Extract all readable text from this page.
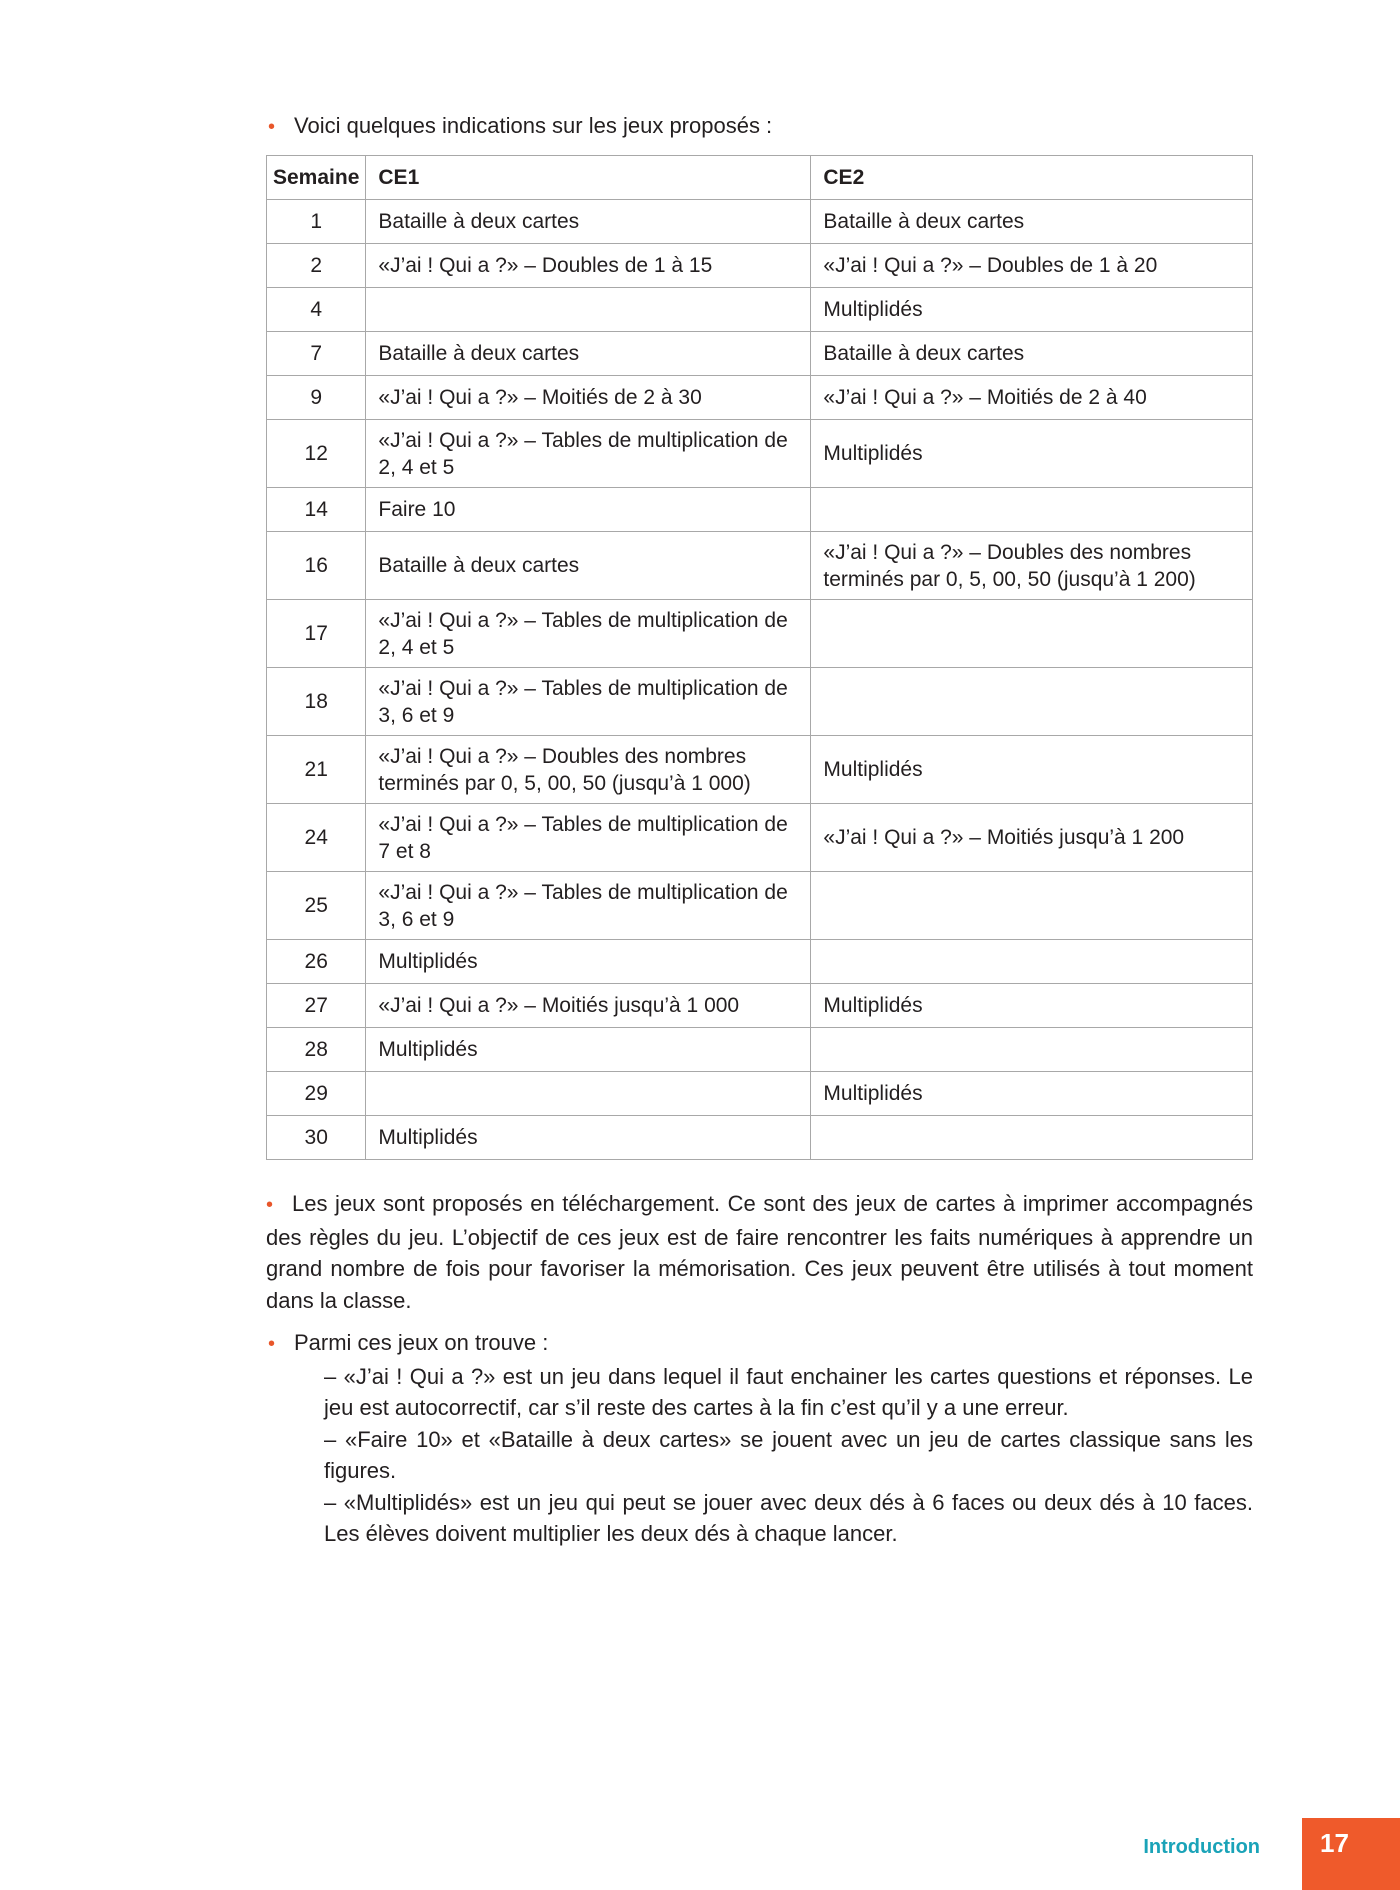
• Voici quelques indications sur les jeux proposés :
Semaine	CE1	CE2
1	Bataille à deux cartes	Bataille à deux cartes
2	«J’ai ! Qui a ?» – Doubles de 1 à 15	«J’ai ! Qui a ?» – Doubles de 1 à 20
4		Multiplidés
7	Bataille à deux cartes	Bataille à deux cartes
9	«J’ai ! Qui a ?» – Moitiés de 2 à 30	«J’ai ! Qui a ?» – Moitiés de 2 à 40
12	«J’ai ! Qui a ?» – Tables de multiplication de 2, 4 et 5	Multiplidés
14	Faire 10	
16	Bataille à deux cartes	«J’ai ! Qui a ?» – Doubles des nombres terminés par 0, 5, 00, 50 (jusqu’à 1 200)
17	«J’ai ! Qui a ?» – Tables de multiplication de 2, 4 et 5	
18	«J’ai ! Qui a ?» – Tables de multiplication de 3, 6 et 9	
21	«J’ai ! Qui a ?» – Doubles des nombres terminés par 0, 5, 00, 50 (jusqu’à 1 000)	Multiplidés
24	«J’ai ! Qui a ?» – Tables de multiplication de 7 et 8	«J’ai ! Qui a ?» – Moitiés jusqu’à 1 200
25	«J’ai ! Qui a ?» – Tables de multiplication de 3, 6 et 9	
26	Multiplidés	
27	«J’ai ! Qui a ?» – Moitiés jusqu’à 1 000	Multiplidés
28	Multiplidés	
29		Multiplidés
30	Multiplidés	
• Les jeux sont proposés en téléchargement. Ce sont des jeux de cartes à imprimer accompagnés des règles du jeu. L’objectif de ces jeux est de faire rencontrer les faits numériques à apprendre un grand nombre de fois pour favoriser la mémorisation. Ces jeux peuvent être utilisés à tout moment dans la classe.
• Parmi ces jeux on trouve :
– «J’ai ! Qui a ?» est un jeu dans lequel il faut enchainer les cartes questions et réponses. Le jeu est autocorrectif, car s’il reste des cartes à la fin c’est qu’il y a une erreur.
– «Faire 10» et «Bataille à deux cartes» se jouent avec un jeu de cartes classique sans les figures.
– «Multiplidés» est un jeu qui peut se jouer avec deux dés à 6 faces ou deux dés à 10 faces. Les élèves doivent multiplier les deux dés à chaque lancer.
Introduction 17
